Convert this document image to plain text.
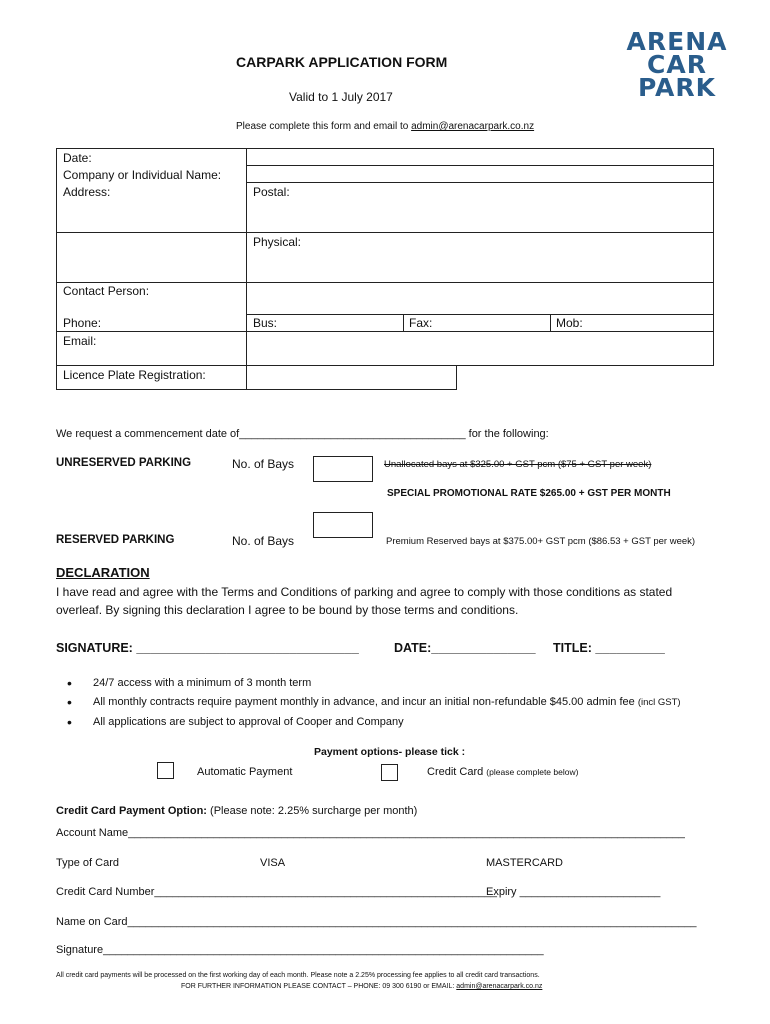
ARENA
CAR
PARK
CARPARK APPLICATION FORM
Valid to 1 July 2017
Please complete this form and email to admin@arenacarpark.co.nz
Date:
Company or Individual Name:
Address:	Postal:
Physical:
Contact Person:
Phone:	Bus:	Fax:	Mob:
Email:
Licence Plate Registration:
We request a commencement date of_____________________________________ for the following:
UNRESERVED PARKING	No. of Bays	Unallocated bays at $325.00 + GST pcm ($75 + GST per week)
SPECIAL PROMOTIONAL RATE $265.00 + GST PER MONTH
RESERVED PARKING	No. of Bays	Premium Reserved bays at $375.00+ GST pcm ($86.53 + GST per week)
DECLARATION
I have read and agree with the Terms and Conditions of parking and agree to comply with those conditions as stated
overleaf. By signing this declaration I agree to be bound by those terms and conditions.
SIGNATURE: ________________________________	DATE:_______________ TITLE: __________
• 24/7 access with a minimum of 3 month term
• All monthly contracts require payment monthly in advance, and incur an initial non-refundable $45.00 admin fee (incl GST)
• All applications are subject to approval of Cooper and Company
Payment options- please tick :
Automatic Payment	Credit Card (please complete below)
Credit Card Payment Option: (Please note: 2.25% surcharge per month)
Account Name___________________________________________________________________________________________
Type of Card	VISA	MASTERCARD
Credit Card Number________________________________________________________
Expiry _______________________
Name on Card_____________________________________________________________________________________________
Signature________________________________________________________________________
All credit card payments will be processed on the first working day of each month. Please note a 2.25% processing fee applies to all credit card transactions.
FOR FURTHER INFORMATION PLEASE CONTACT – PHONE: 09 300 6190 or EMAIL: admin@arenacarpark.co.nz
